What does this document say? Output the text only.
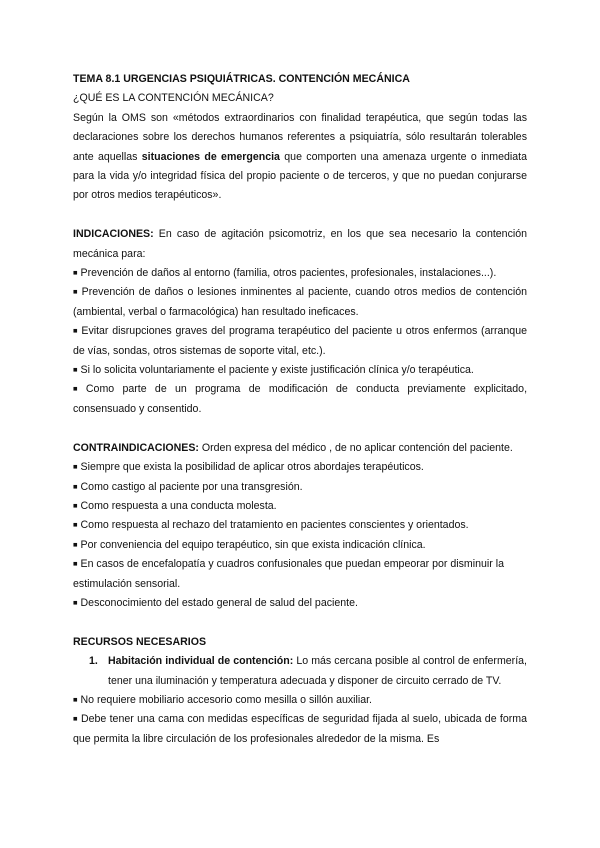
TEMA 8.1 URGENCIAS PSIQUIÁTRICAS. CONTENCIÓN MECÁNICA

¿QUÉ ES LA CONTENCIÓN MECÁNICA?

Según la OMS son «métodos extraordinarios con finalidad terapéutica, que según todas las declaraciones sobre los derechos humanos referentes a psiquiatría, sólo resultarán tolerables ante aquellas situaciones de emergencia que comporten una amenaza urgente o inmediata para la vida y/o integridad física del propio paciente o de terceros, y que no puedan conjurarse por otros medios terapéuticos».

INDICACIONES: En caso de agitación psicomotriz, en los que sea necesario la contención mecánica para:

■ Prevención de daños al entorno (familia, otros pacientes, profesionales, instalaciones...).

■ Prevención de daños o lesiones inminentes al paciente, cuando otros medios de contención (ambiental, verbal o farmacológica) han resultado ineficaces.

■ Evitar disrupciones graves del programa terapéutico del paciente u otros enfermos (arranque de vías, sondas, otros sistemas de soporte vital, etc.).

■ Si lo solicita voluntariamente el paciente y existe justificación clínica y/o terapéutica.

■ Como parte de un programa de modificación de conducta previamente explicitado, consensuado y consentido.

CONTRAINDICACIONES: Orden expresa del médico , de no aplicar contención del paciente.

■ Siempre que exista la posibilidad de aplicar otros abordajes terapéuticos.

■ Como castigo al paciente por una transgresión.

■ Como respuesta a una conducta molesta.

■ Como respuesta al rechazo del tratamiento en pacientes conscientes y orientados.

■ Por conveniencia del equipo terapéutico, sin que exista indicación clínica.

■ En casos de encefalopatía y cuadros confusionales que puedan empeorar por disminuir la estimulación sensorial.

■ Desconocimiento del estado general de salud del paciente.

RECURSOS NECESARIOS

1. Habitación individual de contención: Lo más cercana posible al control de enfermería, tener una iluminación y temperatura adecuada y disponer de circuito cerrado de TV.

■ No requiere mobiliario accesorio como mesilla o sillón auxiliar.

■ Debe tener una cama con medidas específicas de seguridad fijada al suelo, ubicada de forma que permita la libre circulación de los profesionales alrededor de la misma. Es
